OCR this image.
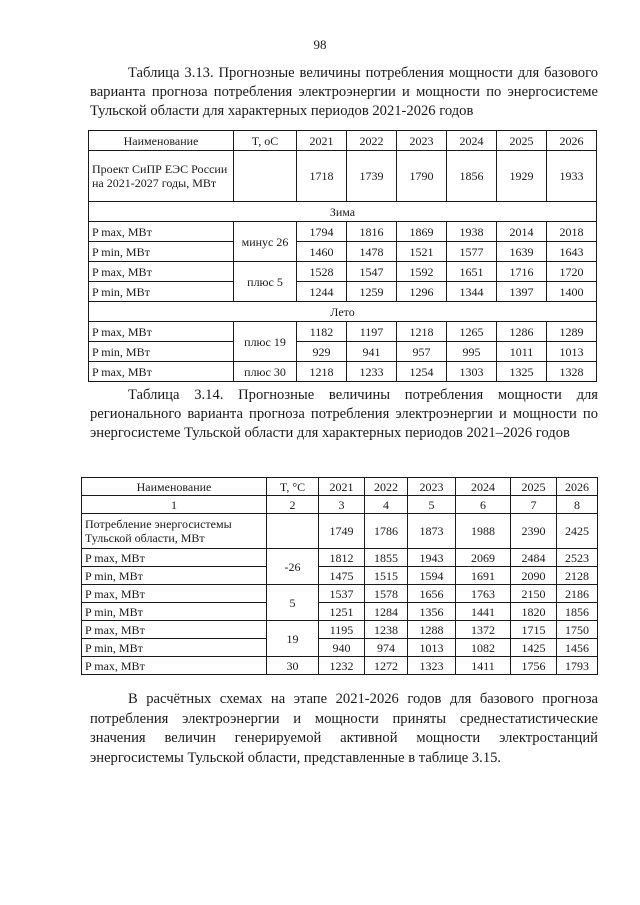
98
Таблица 3.13. Прогнозные величины потребления мощности для базового варианта прогноза потребления электроэнергии и мощности по энергосистеме Тульской области для характерных периодов 2021-2026 годов
Наименование	T, оС	2021	2022	2023	2024	2025	2026
Проект СиПР ЕЭС России на 2021-2027 годы, МВт		1718	1739	1790	1856	1929	1933
Зима							
P max, МВт	минус 26	1794	1816	1869	1938	2014	2018
P min, МВт		1460	1478	1521	1577	1639	1643
P max, МВт	плюс 5	1528	1547	1592	1651	1716	1720
P min, МВт		1244	1259	1296	1344	1397	1400
Лето							
P max, МВт	плюс 19	1182	1197	1218	1265	1286	1289
P min, МВт		929	941	957	995	1011	1013
P max, МВт	плюс 30	1218	1233	1254	1303	1325	1328
Таблица 3.14. Прогнозные величины потребления мощности для регионального варианта прогноза потребления электроэнергии и мощности по энергосистеме Тульской области для характерных периодов 2021–2026 годов
Наименование	T, °С	2021	2022	2023	2024	2025	2026
1	2	3	4	5	6	7	8
Потребление энергосистемы Тульской области, МВт		1749	1786	1873	1988	2390	2425
P max, МВт	-26	1812	1855	1943	2069	2484	2523
P min, МВт		1475	1515	1594	1691	2090	2128
P max, МВт	5	1537	1578	1656	1763	2150	2186
P min, МВт		1251	1284	1356	1441	1820	1856
P max, МВт	19	1195	1238	1288	1372	1715	1750
P min, МВт		940	974	1013	1082	1425	1456
P max, МВт	30	1232	1272	1323	1411	1756	1793
В расчётных схемах на этапе 2021-2026 годов для базового прогноза потребления электроэнергии и мощности приняты среднестатистические значения величин генерируемой активной мощности электростанций энергосистемы Тульской области, представленные в таблице 3.15.
